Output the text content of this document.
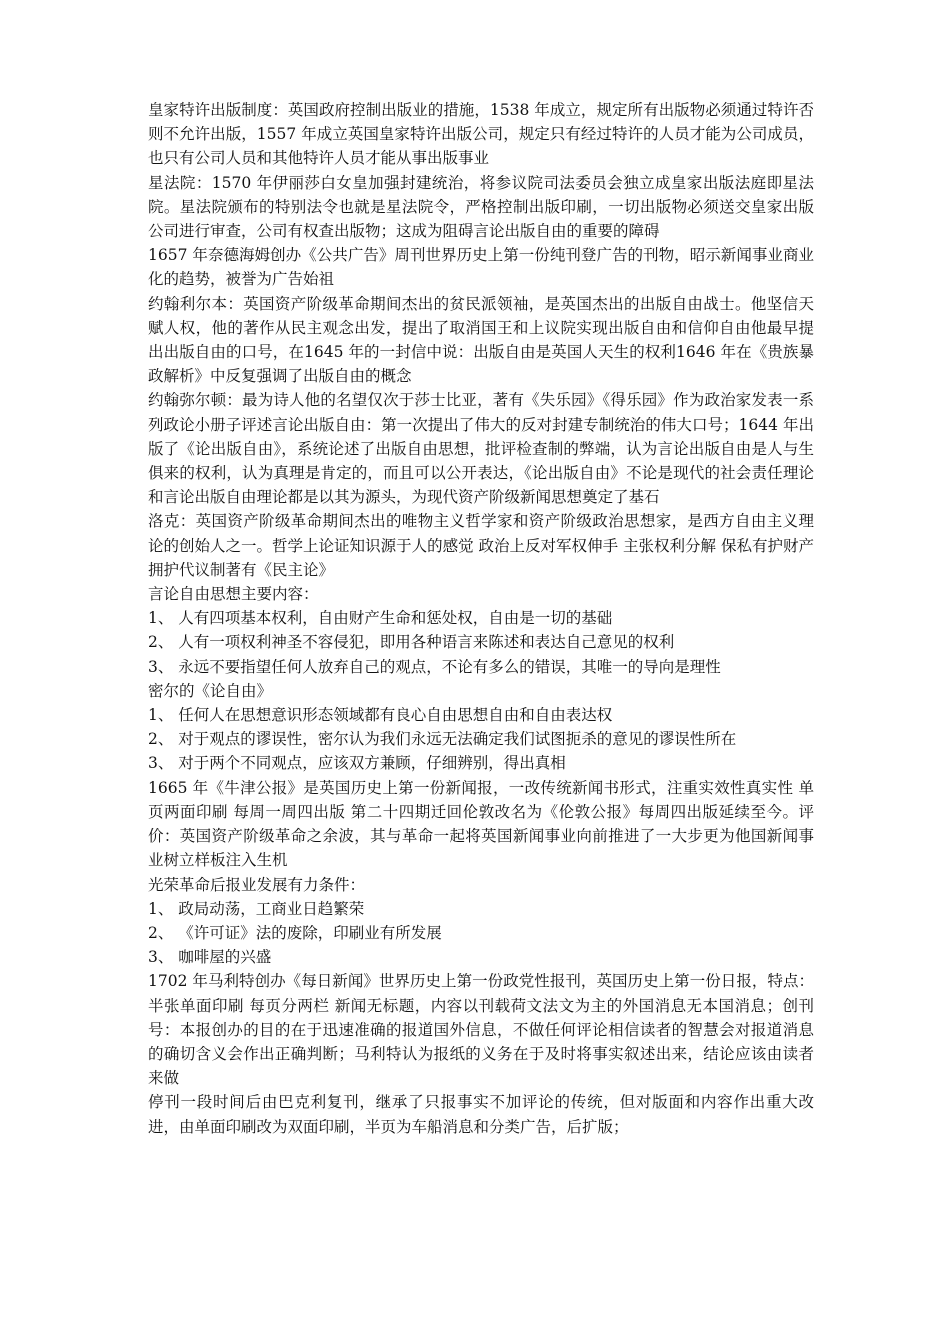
皇家特许出版制度：英国政府控制出版业的措施，1538 年成立，规定所有出版物必须通过特许否则不允许出版，1557 年成立英国皇家特许出版公司，规定只有经过特许的人员才能为公司成员，也只有公司人员和其他特许人员才能从事出版事业

星法院：1570 年伊丽莎白女皇加强封建统治，将参议院司法委员会独立成皇家出版法庭即星法院。星法院颁布的特别法令也就是星法院令，严格控制出版印刷，一切出版物必须送交皇家出版公司进行审查，公司有权查出版物；这成为阻碍言论出版自由的重要的障碍

1657 年奈德海姆创办《公共广告》周刊世界历史上第一份纯刊登广告的刊物，昭示新闻事业商业化的趋势，被誉为广告始祖

约翰利尔本：英国资产阶级革命期间杰出的贫民派领袖，是英国杰出的出版自由战士。他坚信天赋人权，他的著作从民主观念出发，提出了取消国王和上议院实现出版自由和信仰自由他最早提出出版自由的口号，在1645 年的一封信中说：出版自由是英国人天生的权利1646 年在《贵族暴政解析》中反复强调了出版自由的概念

约翰弥尔顿：最为诗人他的名望仅次于莎士比亚，著有《失乐园》《得乐园》作为政治家发表一系列政论小册子评述言论出版自由：第一次提出了伟大的反对封建专制统治的伟大口号；1644 年出版了《论出版自由》，系统论述了出版自由思想，批评检查制的弊端，认为言论出版自由是人与生俱来的权利，认为真理是肯定的，而且可以公开表达，《论出版自由》不论是现代的社会责任理论和言论出版自由理论都是以其为源头，为现代资产阶级新闻思想奠定了基石

洛克：英国资产阶级革命期间杰出的唯物主义哲学家和资产阶级政治思想家，是西方自由主义理论的创始人之一。哲学上论证知识源于人的感觉 政治上反对军权伸手 主张权利分解 保私有护财产 拥护代议制著有《民主论》

言论自由思想主要内容：

1、 人有四项基本权利，自由财产生命和惩处权，自由是一切的基础

2、 人有一项权利神圣不容侵犯，即用各种语言来陈述和表达自己意见的权利

3、 永远不要指望任何人放弃自己的观点，不论有多么的错误，其唯一的导向是理性

密尔的《论自由》

1、 任何人在思想意识形态领域都有良心自由思想自由和自由表达权

2、 对于观点的谬误性，密尔认为我们永远无法确定我们试图扼杀的意见的谬误性所在

3、 对于两个不同观点，应该双方兼顾，仔细辨别，得出真相

1665 年《牛津公报》是英国历史上第一份新闻报，一改传统新闻书形式，注重实效性真实性 单页两面印刷 每周一周四出版 第二十四期迁回伦敦改名为《伦敦公报》每周四出版延续至今。评价：英国资产阶级革命之余波，其与革命一起将英国新闻事业向前推进了一大步更为他国新闻事业树立样板注入生机

光荣革命后报业发展有力条件：

1、 政局动荡，工商业日趋繁荣

2、 《许可证》法的废除，印刷业有所发展

3、 咖啡屋的兴盛

1702 年马利特创办《每日新闻》世界历史上第一份政党性报刊，英国历史上第一份日报，特点： 半张单面印刷 每页分两栏 新闻无标题，内容以刊载荷文法文为主的外国消息无本国消息；创刊号：本报创办的目的在于迅速准确的报道国外信息，不做任何评论相信读者的智慧会对报道消息的确切含义会作出正确判断；马利特认为报纸的义务在于及时将事实叙述出来，结论应该由读者来做

停刊一段时间后由巴克利复刊，继承了只报事实不加评论的传统，但对版面和内容作出重大改进，由单面印刷改为双面印刷，半页为车船消息和分类广告，后扩版；
